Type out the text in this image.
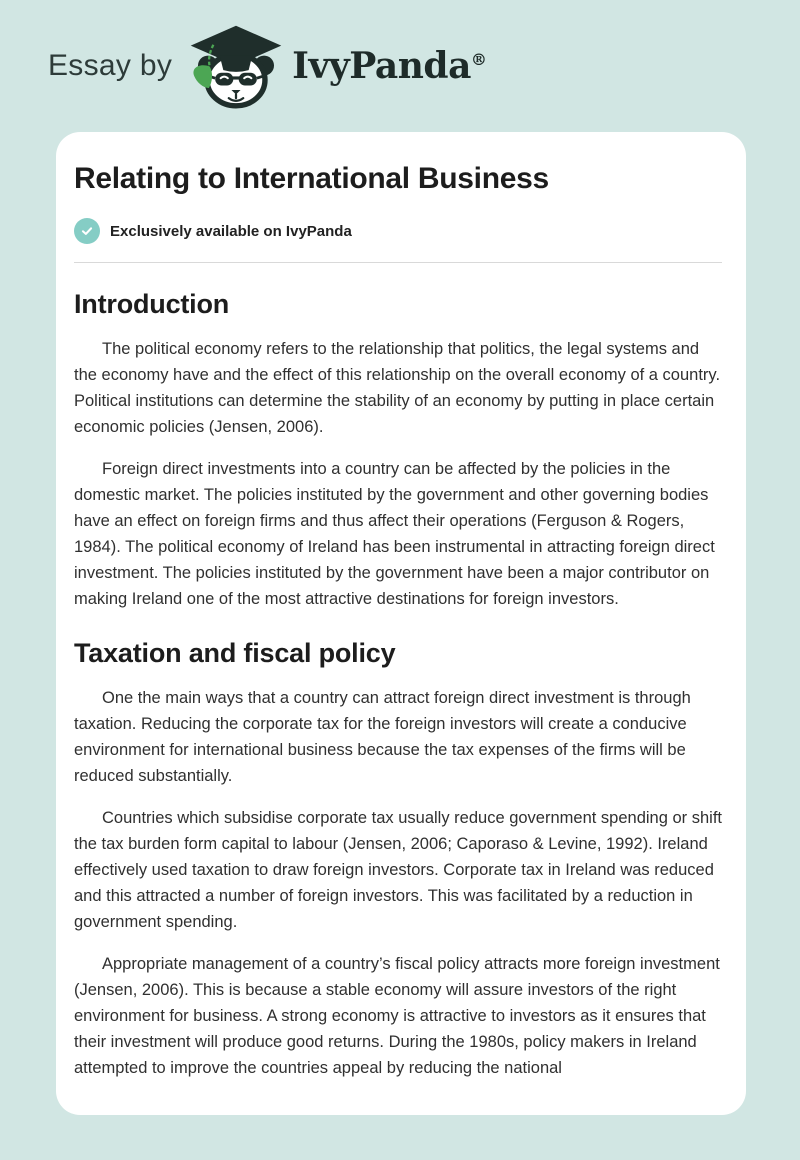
Essay by	IvyPanda®
Relating to International Business
Exclusively available on IvyPanda
Introduction

The political economy refers to the relationship that politics, the legal systems and the economy have and the effect of this relationship on the overall economy of a country. Political institutions can determine the stability of an economy by putting in place certain economic policies (Jensen, 2006).

Foreign direct investments into a country can be affected by the policies in the domestic market. The policies instituted by the government and other governing bodies have an effect on foreign firms and thus affect their operations (Ferguson & Rogers, 1984). The political economy of Ireland has been instrumental in attracting foreign direct investment. The policies instituted by the government have been a major contributor on making Ireland one of the most attractive destinations for foreign investors.

Taxation and fiscal policy

One the main ways that a country can attract foreign direct investment is through taxation. Reducing the corporate tax for the foreign investors will create a conducive environment for international business because the tax expenses of the firms will be reduced substantially.

Countries which subsidise corporate tax usually reduce government spending or shift the tax burden form capital to labour (Jensen, 2006; Caporaso & Levine, 1992). Ireland effectively used taxation to draw foreign investors. Corporate tax in Ireland was reduced and this attracted a number of foreign investors. This was facilitated by a reduction in government spending.

Appropriate management of a country’s fiscal policy attracts more foreign investment (Jensen, 2006). This is because a stable economy will assure investors of the right environment for business. A strong economy is attractive to investors as it ensures that their investment will produce good returns. During the 1980s, policy makers in Ireland attempted to improve the countries appeal by reducing the national
